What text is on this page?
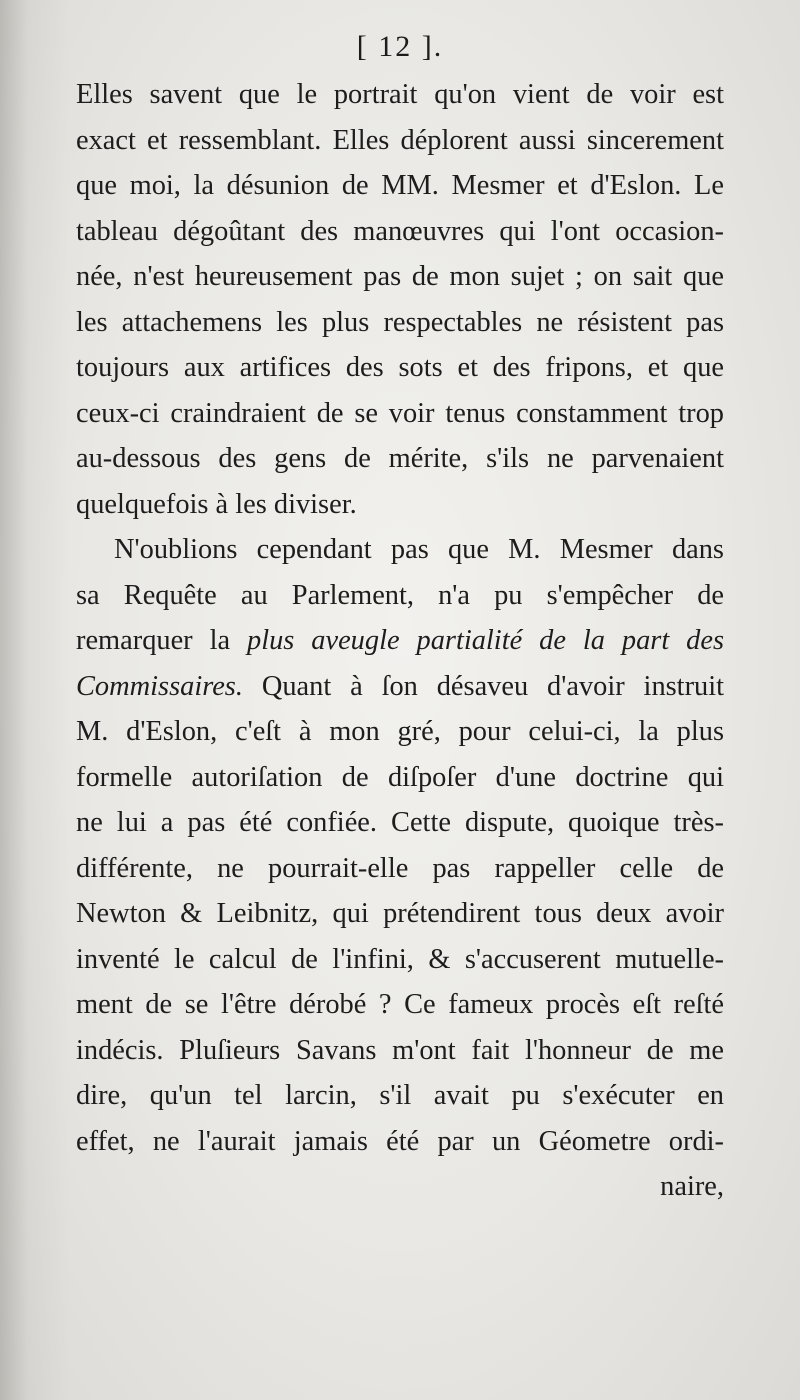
[ 12 ].
Elles savent que le portrait qu'on vient de voir est
exact et ressemblant. Elles déplorent aussi sincerement
que moi, la désunion de MM. Mesmer et d'Eslon. Le
tableau dégoûtant des manœuvres qui l'ont occasion-
née, n'est heureusement pas de mon sujet ; on sait que
les attachemens les plus respectables ne résistent pas
toujours aux artifices des sots et des fripons, et que
ceux-ci craindraient de se voir tenus constamment trop
au-dessous des gens de mérite, s'ils ne parvenaient
quelquefois à les diviser.
N'oublions cependant pas que M. Mesmer dans
sa Requête au Parlement, n'a pu s'empêcher de
remarquer la plus aveugle partialité de la part des
Commissaires. Quant à ſon désaveu d'avoir instruit
M. d'Eslon, c'eſt à mon gré, pour celui-ci, la plus
formelle autoriſation de diſpoſer d'une doctrine qui
ne lui a pas été confiée. Cette dispute, quoique très-
différente, ne pourrait-elle pas rappeller celle de
Newton & Leibnitz, qui prétendirent tous deux avoir
inventé le calcul de l'infini, & s'accuserent mutuelle-
ment de se l'être dérobé ? Ce fameux procès eſt reſté
indécis. Pluſieurs Savans m'ont fait l'honneur de me
dire, qu'un tel larcin, s'il avait pu s'exécuter en
effet, ne l'aurait jamais été par un Géometre ordi-
naire,
